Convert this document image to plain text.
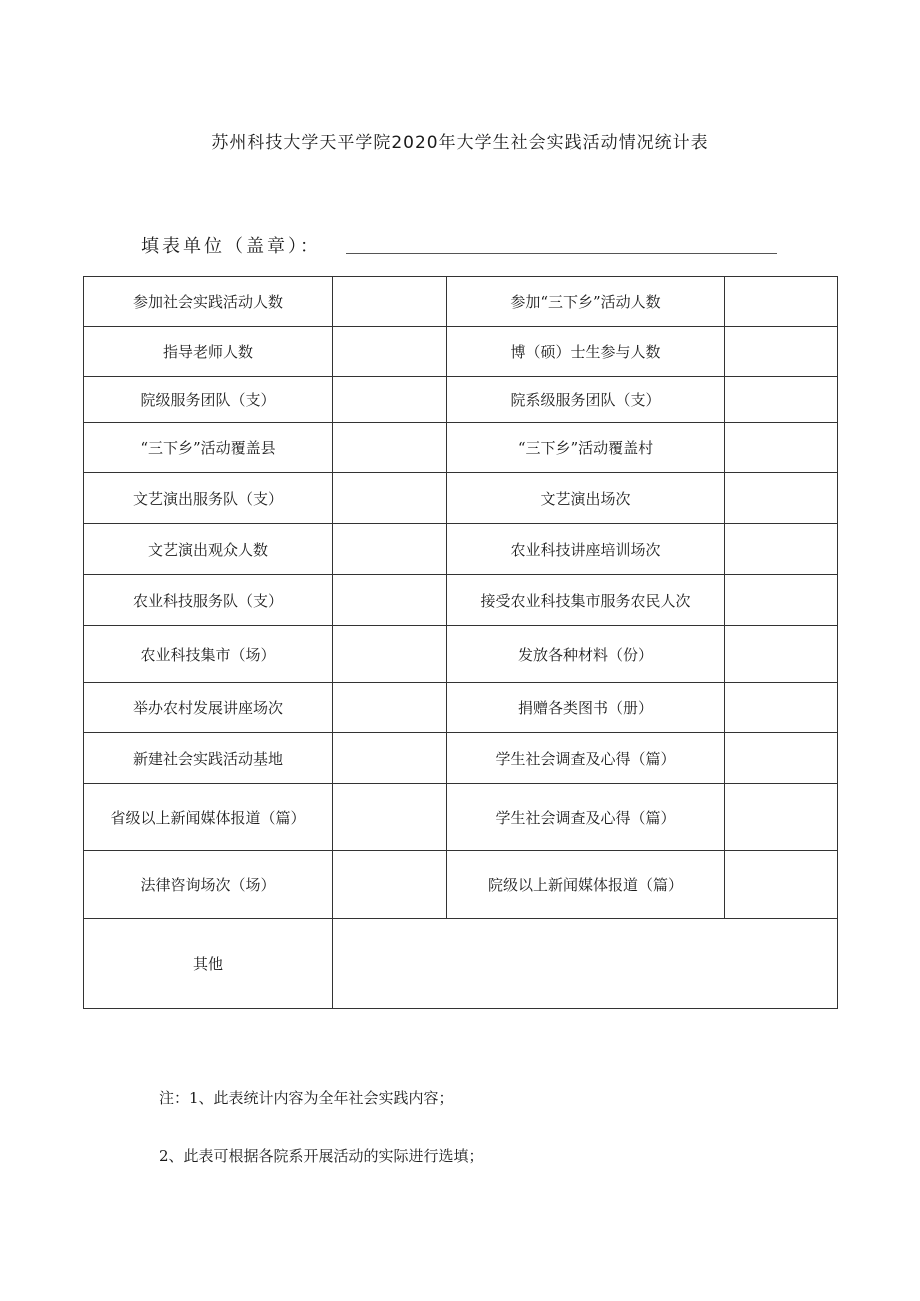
苏州科技大学天平学院2020年大学生社会实践活动情况统计表
填表单位（盖章）：
参加社会实践活动人数		参加“三下乡”活动人数	
指导老师人数		博（硕）士生参与人数	
院级服务团队（支）		院系级服务团队（支）	
“三下乡”活动覆盖县		“三下乡”活动覆盖村	
文艺演出服务队（支）		文艺演出场次	
文艺演出观众人数		农业科技讲座培训场次	
农业科技服务队（支）		接受农业科技集市服务农民人次	
农业科技集市（场）		发放各种材料（份）	
举办农村发展讲座场次		捐赠各类图书（册）	
新建社会实践活动基地		学生社会调查及心得（篇）	
省级以上新闻媒体报道（篇）		学生社会调查及心得（篇）	
法律咨询场次（场）		院级以上新闻媒体报道（篇）	
其他			
注：1、此表统计内容为全年社会实践内容；
2、此表可根据各院系开展活动的实际进行选填；
